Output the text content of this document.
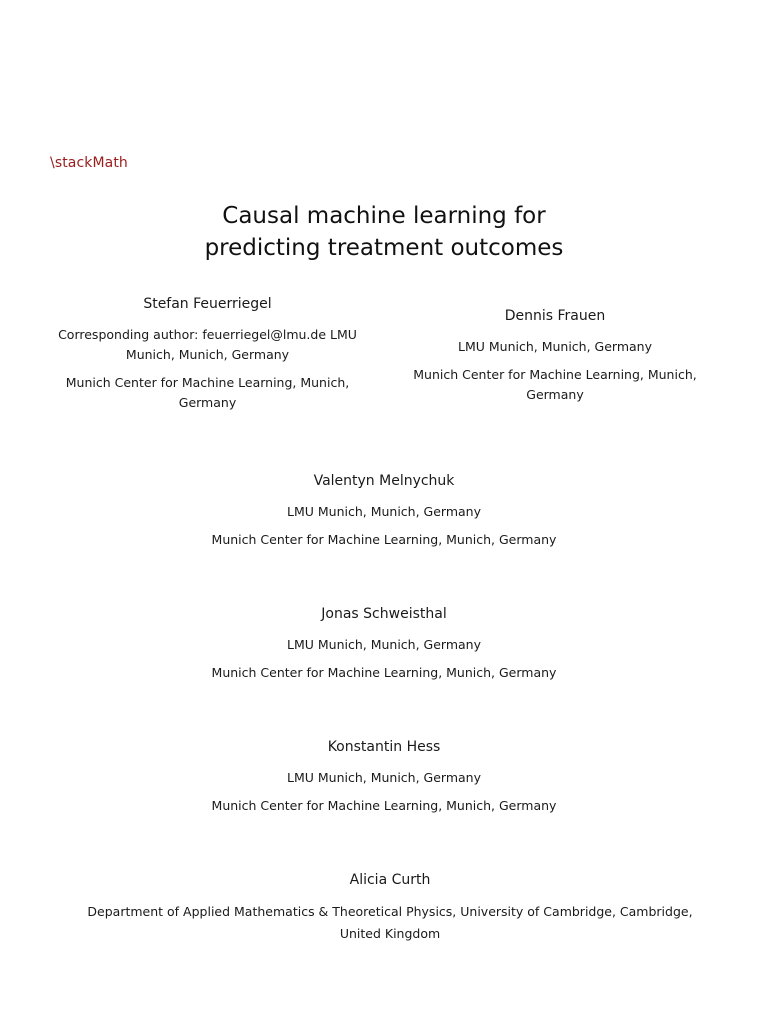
\stackMath
Causal machine learning for
predicting treatment outcomes
Stefan Feuerriegel
Corresponding author: feuerriegel@lmu.de LMU Munich, Munich, Germany
Munich Center for Machine Learning, Munich, Germany
Dennis Frauen
LMU Munich, Munich, Germany
Munich Center for Machine Learning, Munich, Germany
Valentyn Melnychuk
LMU Munich, Munich, Germany
Munich Center for Machine Learning, Munich, Germany
Jonas Schweisthal
LMU Munich, Munich, Germany
Munich Center for Machine Learning, Munich, Germany
Konstantin Hess
LMU Munich, Munich, Germany
Munich Center for Machine Learning, Munich, Germany
Alicia Curth
Department of Applied Mathematics & Theoretical Physics, University of Cambridge, Cambridge, United Kingdom
